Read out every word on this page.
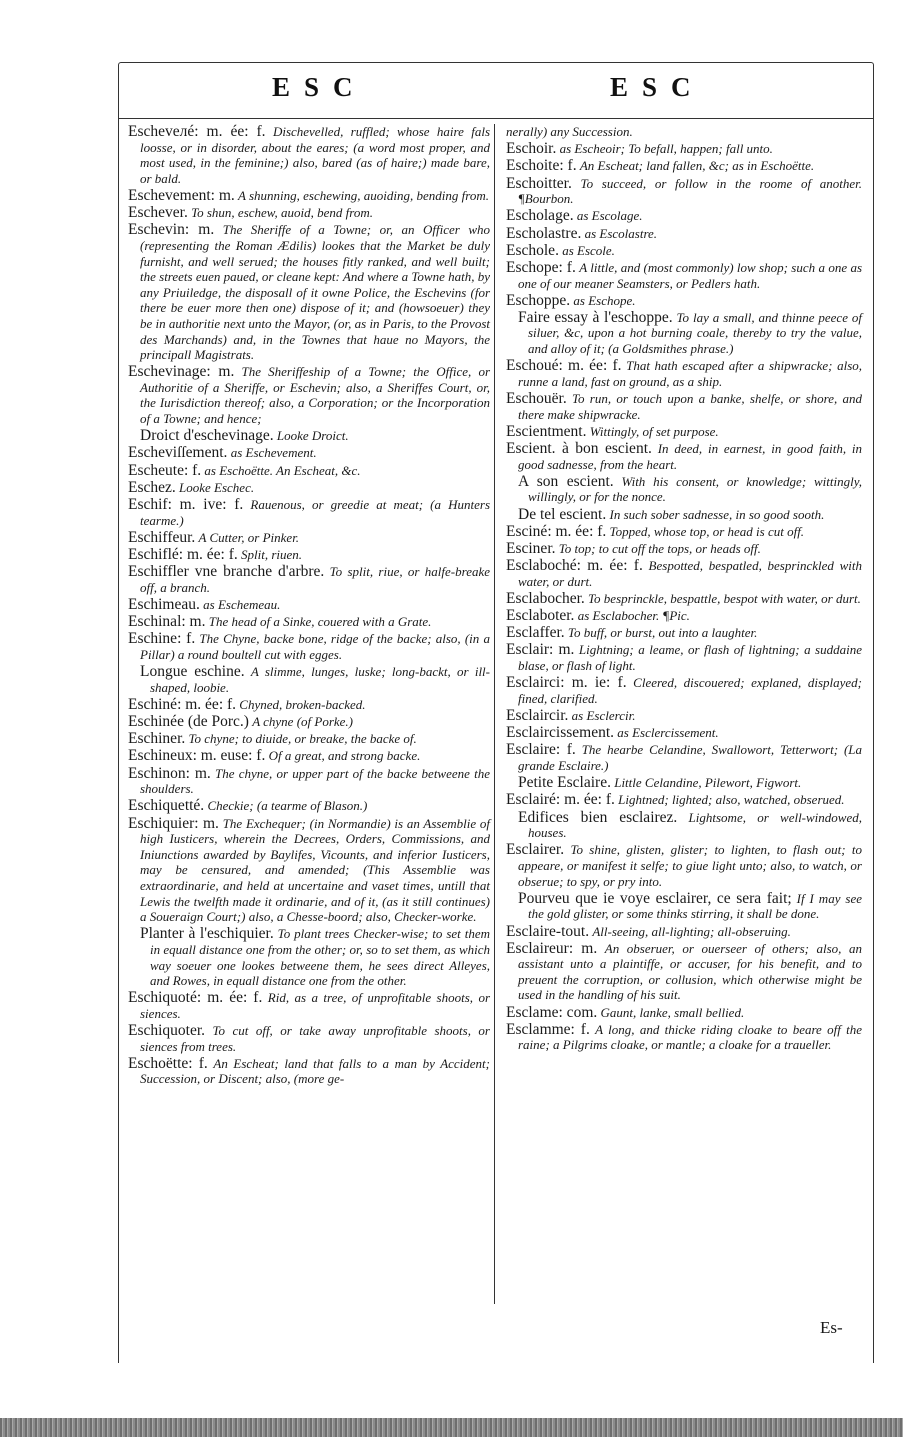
ESC	ESC

Escheveлé: m. ée: f. Dischevelled, ruffled; whose haire fals loosse, or in disorder, about the eares; (a word most proper, and most used, in the feminine;) also, bared (as of haire;) made bare, or bald.

Eschevement: m. A shunning, eschewing, auoiding, bending from.

Eschever. To shun, eschew, auoid, bend from.

Eschevin: m. The Sheriffe of a Towne; or, an Officer who (representing the Roman Ædilis) lookes that the Market be duly furnisht, and well serued; the houses fitly ranked, and well built; the streets euen paued, or cleane kept: And where a Towne hath, by any Priuiledge, the disposall of it owne Police, the Eschevins (for there be euer more then one) dispose of it; and (howsoeuer) they be in authoritie next unto the Mayor, (or, as in Paris, to the Provost des Marchands) and, in the Townes that haue no Mayors, the principall Magistrats.

Eschevinage: m. The Sheriffeship of a Towne; the Office, or Authoritie of a Sheriffe, or Eschevin; also, a Sheriffes Court, or, the Iurisdiction thereof; also, a Corporation; or the Incorporation of a Towne; and hence;

Droict d'eschevinage. Looke Droict.

Escheviſſement. as Eschevement.

Escheute: f. as Eschoëtte. An Escheat, &c.

Eschez. Looke Eschec.

Eschif: m. ive: f. Rauenous, or greedie at meat; (a Hunters tearme.)

Eschiffeur. A Cutter, or Pinker.

Eschiflé: m. ée: f. Split, riuen.

Eschiffler vne branche d'arbre. To split, riue, or halfe-breake off, a branch.

Eschimeau. as Eschemeau.

Eschinal: m. The head of a Sinke, couered with a Grate.

Eschine: f. The Chyne, backe bone, ridge of the backe; also, (in a Pillar) a round boultell cut with egges.

Longue eschine. A slimme, lunges, luske; long-backt, or ill-shaped, loobie.

Eschiné: m. ée: f. Chyned, broken-backed.

Eschinée (de Porc.) A chyne (of Porke.)

Eschiner. To chyne; to diuide, or breake, the backe of.

Eschineux: m. euse: f. Of a great, and strong backe.

Eschinon: m. The chyne, or upper part of the backe betweene the shoulders.

Eschiquetté. Checkie; (a tearme of Blason.)

Eschiquier: m. The Exchequer; (in Normandie) is an Assemblie of high Iusticers, wherein the Decrees, Orders, Commissions, and Iniunctions awarded by Baylifes, Vicounts, and inferior Iusticers, may be censured, and amended; (This Assemblie was extraordinarie, and held at uncertaine and vaset times, untill that Lewis the twelfth made it ordinarie, and of it, (as it still continues) a Soueraign Court;) also, a Chesse-boord; also, Checker-worke.

Planter à l'eschiquier. To plant trees Checker-wise; to set them in equall distance one from the other; or, so to set them, as which way soeuer one lookes betweene them, he sees direct Alleyes, and Rowes, in equall distance one from the other.

Eschiquoté: m. ée: f. Rid, as a tree, of unprofitable shoots, or siences.

Eschiquoter. To cut off, or take away unprofitable shoots, or siences from trees.

Eschoëtte: f. An Escheat; land that falls to a man by Accident; Succession, or Discent; also, (more ge-

nerally) any Succession.

Eschoir. as Escheoir; To befall, happen; fall unto.

Eschoite: f. An Escheat; land fallen, &c; as in Eschoëtte.

Eschoitter. To succeed, or follow in the roome of another. ¶Bourbon.

Escholage. as Escolage.

Escholastre. as Escolastre.

Eschole. as Escole.

Eschope: f. A little, and (most commonly) low shop; such a one as one of our meaner Seamsters, or Pedlers hath.

Eschoppe. as Eschope.

Faire essay à l'eschoppe. To lay a small, and thinne peece of siluer, &c, upon a hot burning coale, thereby to try the value, and alloy of it; (a Goldsmithes phrase.)

Eschoué: m. ée: f. That hath escaped after a shipwracke; also, runne a land, fast on ground, as a ship.

Eschouër. To run, or touch upon a banke, shelfe, or shore, and there make shipwracke.

Escientment. Wittingly, of set purpose.

Escient. à bon escient. In deed, in earnest, in good faith, in good sadnesse, from the heart.

A son escient. With his consent, or knowledge; wittingly, willingly, or for the nonce.

De tel escient. In such sober sadnesse, in so good sooth.

Esciné: m. ée: f. Topped, whose top, or head is cut off.

Esciner. To top; to cut off the tops, or heads off.

Esclaboché: m. ée: f. Bespotted, bespatled, besprinckled with water, or durt.

Esclabocher. To besprinckle, bespattle, bespot with water, or durt.

Esclaboter. as Esclabocher. ¶Pic.

Esclaffer. To buff, or burst, out into a laughter.

Esclair: m. Lightning; a leame, or flash of lightning; a suddaine blase, or flash of light.

Esclairci: m. ie: f. Cleered, discouered; explaned, displayed; fined, clarified.

Esclaircir. as Esclercir.

Esclaircissement. as Esclercissement.

Esclaire: f. The hearbe Celandine, Swallowort, Tetterwort; (La grande Esclaire.)

Petite Esclaire. Little Celandine, Pilewort, Figwort.

Esclairé: m. ée: f. Lightned; lighted; also, watched, obserued.

Edifices bien esclairez. Lightsome, or well-windowed, houses.

Esclairer. To shine, glisten, glister; to lighten, to flash out; to appeare, or manifest it selfe; to giue light unto; also, to watch, or obserue; to spy, or pry into.

Pourveu que ie voye esclairer, ce sera fait; If I may see the gold glister, or some thinks stirring, it shall be done.

Esclaire-tout. All-seeing, all-lighting; all-obseruing.

Esclaireur: m. An obseruer, or ouerseer of others; also, an assistant unto a plaintiffe, or accuser, for his benefit, and to preuent the corruption, or collusion, which otherwise might be used in the handling of his suit.

Esclame: com. Gaunt, lanke, small bellied.

Esclamme: f. A long, and thicke riding cloake to beare off the raine; a Pilgrims cloake, or mantle; a cloake for a traueller.

Es-
